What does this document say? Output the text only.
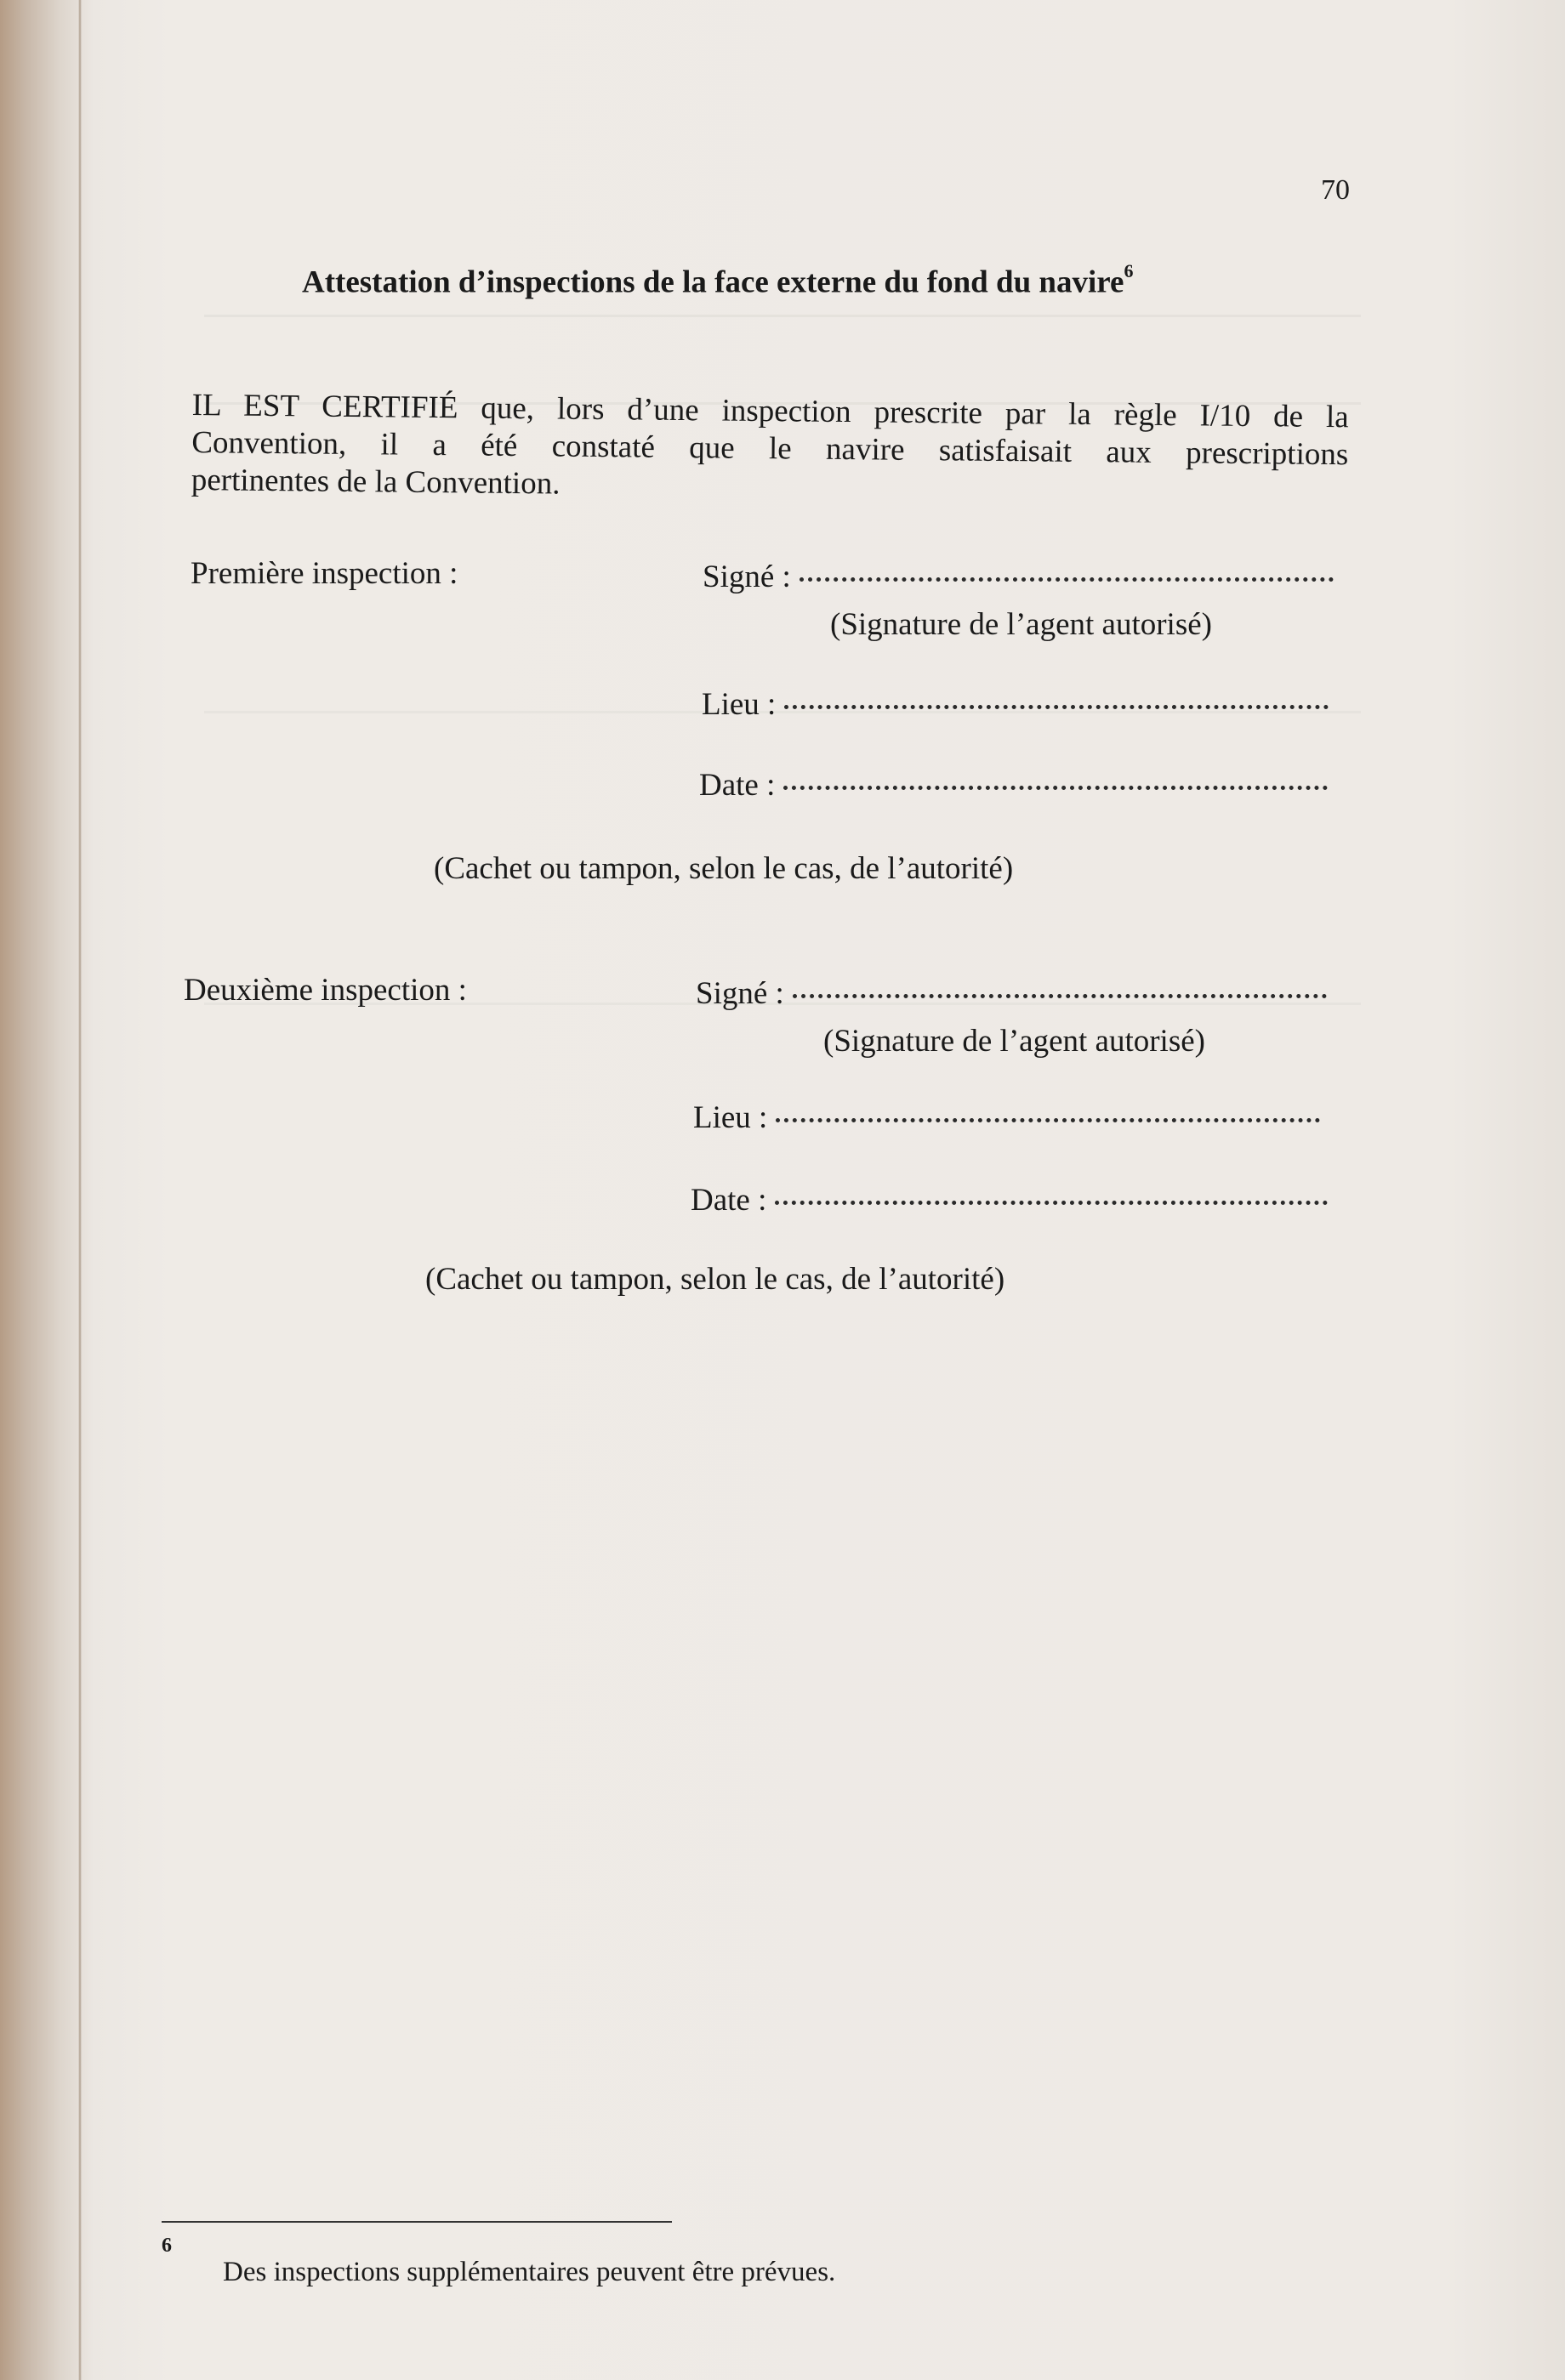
70
Attestation d’inspections de la face externe du fond du navire$^6$
IL EST CERTIFIÉ que, lors d’une inspection prescrite par la règle I/10 de la
Convention, il a été constaté que le navire satisfaisait aux prescriptions
pertinentes de la Convention.
Première inspection :	Signé :
(Signature de l’agent autorisé)
Lieu :
Date :
(Cachet ou tampon, selon le cas, de l’autorité)
Deuxième inspection :	Signé :
(Signature de l’agent autorisé)
Lieu :
Date :
(Cachet ou tampon, selon le cas, de l’autorité)
6
Des inspections supplémentaires peuvent être prévues.
